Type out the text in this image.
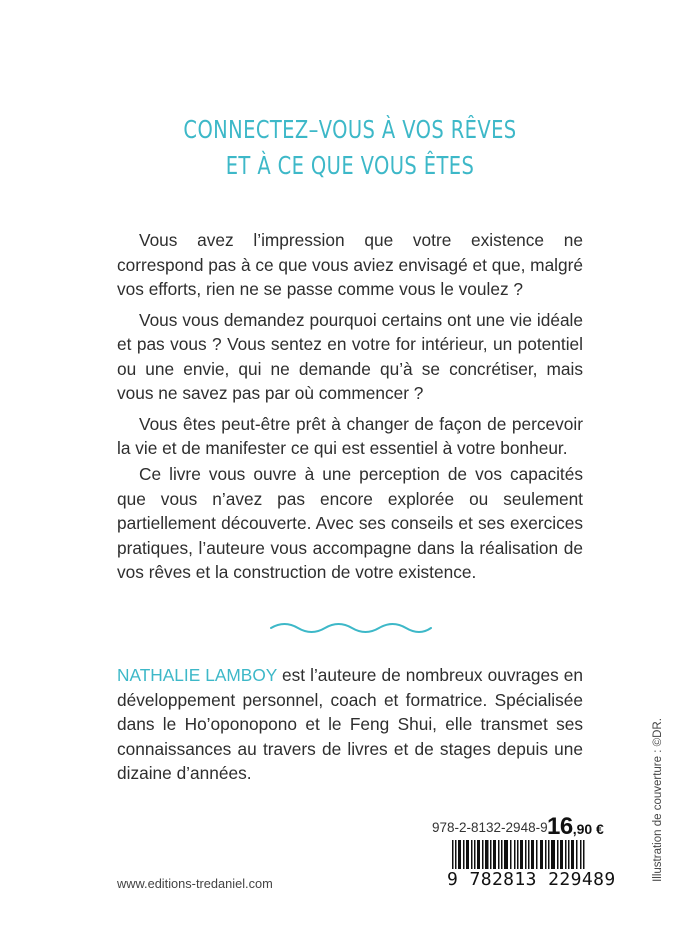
CONNECTEZ–VOUS À VOS RÊVES
ET À CE QUE VOUS ÊTES

Vous avez l’impression que votre existence ne correspond pas à ce que vous aviez envisagé et que, malgré vos efforts, rien ne se passe comme vous le voulez ?

Vous vous demandez pourquoi certains ont une vie idéale et pas vous ? Vous sentez en votre for intérieur, un potentiel ou une envie, qui ne demande qu’à se concrétiser, mais vous ne savez pas par où commencer ?

Vous êtes peut-être prêt à changer de façon de percevoir la vie et de manifester ce qui est essentiel à votre bonheur.

Ce livre vous ouvre à une perception de vos capacités que vous n’avez pas encore explorée ou seulement partiellement découverte. Avec ses conseils et ses exercices pratiques, l’auteure vous accompagne dans la réalisation de vos rêves et la construction de votre existence.

NATHALIE LAMBOY est l’auteure de nombreux ouvrages en développement personnel, coach et formatrice. Spécialisée dans le Ho’oponopono et le Feng Shui, elle transmet ses connaissances au travers de livres et de stages depuis une dizaine d’années.

978-2-8132-2948-9 16,90 €
9 782813 229489
www.editions-tredaniel.com
Illustration de couverture : ©DR.
